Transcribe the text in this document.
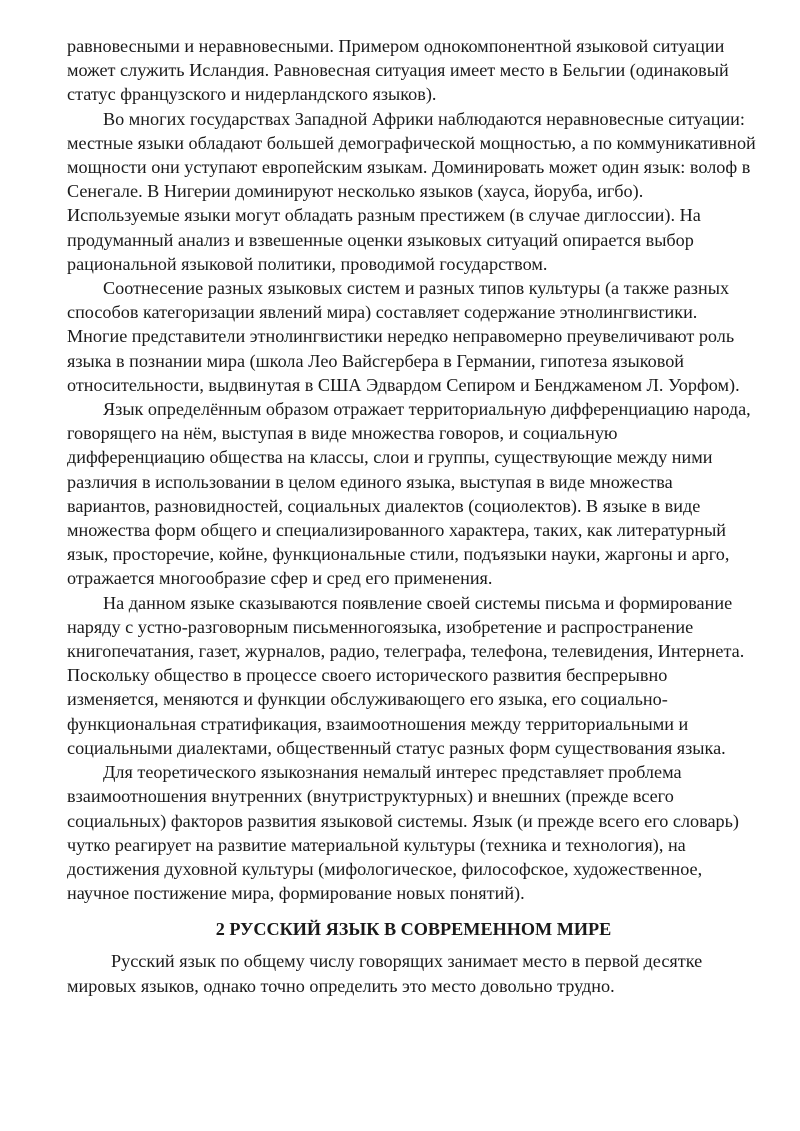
равновесными и неравновесными. Примером однокомпонентной языковой ситуации может служить Исландия. Равновесная ситуация имеет место в Бельгии (одинаковый статус французского и нидерландского языков).

Во многих государствах Западной Африки наблюдаются неравновесные ситуации: местные языки обладают большей демографической мощностью, а по коммуникативной мощности они уступают европейским языкам. Доминировать может один язык: волоф в Сенегале. В Нигерии доминируют несколько языков (хауса, йоруба, игбо). Используемые языки могут обладать разным престижем (в случае диглоссии). На продуманный анализ и взвешенные оценки языковых ситуаций опирается выбор рациональной языковой политики, проводимой государством.

Соотнесение разных языковых систем и разных типов культуры (а также разных способов категоризации явлений мира) составляет содержание этнолингвистики. Многие представители этнолингвистики нередко неправомерно преувеличивают роль языка в познании мира (школа Лео Вайсгербера в Германии, гипотеза языковой относительности, выдвинутая в США Эдвардом Сепиром и Бенджаменом Л. Уорфом).

Язык определённым образом отражает территориальную дифференциацию народа, говорящего на нём, выступая в виде множества говоров, и социальную дифференциацию общества на классы, слои и группы, существующие между ними различия в использовании в целом единого языка, выступая в виде множества вариантов, разновидностей, социальных диалектов (социолектов). В языке в виде множества форм общего и специализированного характера, таких, как литературный язык, просторечие, койне, функциональные стили, подъязыки науки, жаргоны и арго, отражается многообразие сфер и сред его применения.

На данном языке сказываются появление своей системы письма и формирование наряду с устно-разговорным письменногоязыка, изобретение и распространение книгопечатания, газет, журналов, радио, телеграфа, телефона, телевидения, Интернета. Поскольку общество в процессе своего исторического развития беспрерывно изменяется, меняются и функции обслуживающего его языка, его социально-функциональная стратификация, взаимоотношения между территориальными и социальными диалектами, общественный статус разных форм существования языка.

Для теоретического языкознания немалый интерес представляет проблема взаимоотношения внутренних (внутриструктурных) и внешних (прежде всего социальных) факторов развития языковой системы. Язык (и прежде всего его словарь) чутко реагирует на развитие материальной культуры (техника и технология), на достижения духовной культуры (мифологическое, философское, художественное, научное постижение мира, формирование новых понятий).

2 РУССКИЙ ЯЗЫК В СОВРЕМЕННОМ МИРЕ

Русский язык по общему числу говорящих занимает место в первой десятке мировых языков, однако точно определить это место довольно трудно.
